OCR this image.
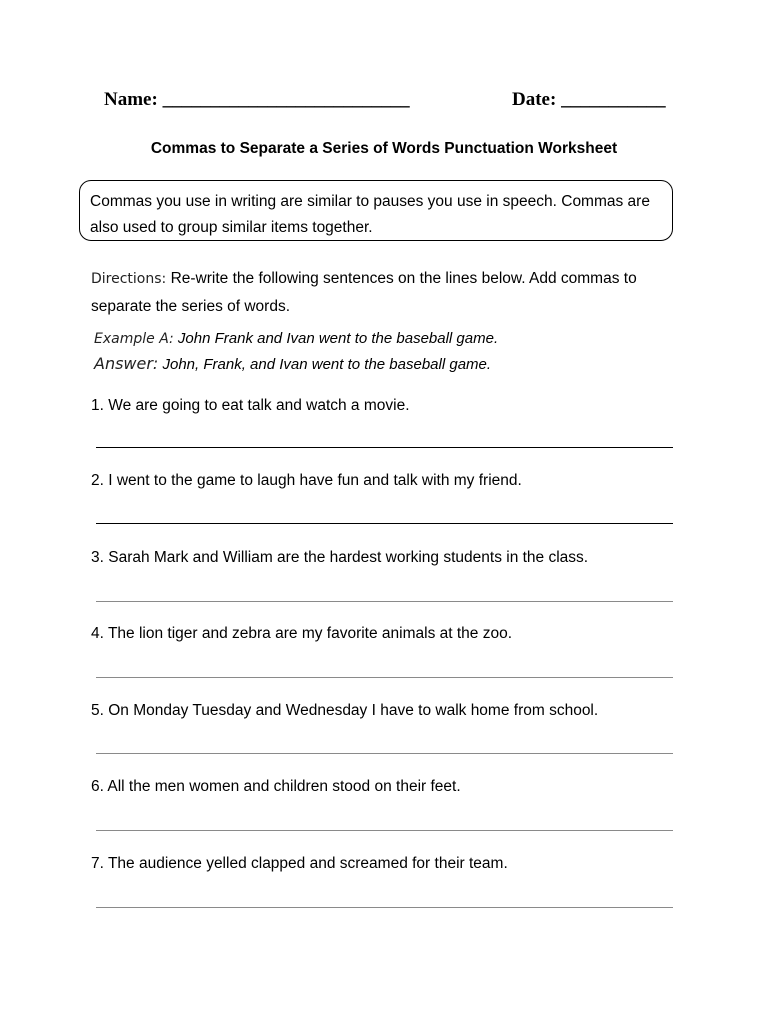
Name: __________________________	Date: ___________
Commas to Separate a Series of Words Punctuation Worksheet
Commas you use in writing are similar to pauses you use in speech. Commas are also used to group similar items together.
Directions: Re-write the following sentences on the lines below. Add commas to separate the series of words.
Example A: John Frank and Ivan went to the baseball game.
Answer: John, Frank, and Ivan went to the baseball game.
1. We are going to eat talk and watch a movie.
2. I went to the game to laugh have fun and talk with my friend.
3. Sarah Mark and William are the hardest working students in the class.
4. The lion tiger and zebra are my favorite animals at the zoo.
5. On Monday Tuesday and Wednesday I have to walk home from school.
6. All the men women and children stood on their feet.
7. The audience yelled clapped and screamed for their team.
